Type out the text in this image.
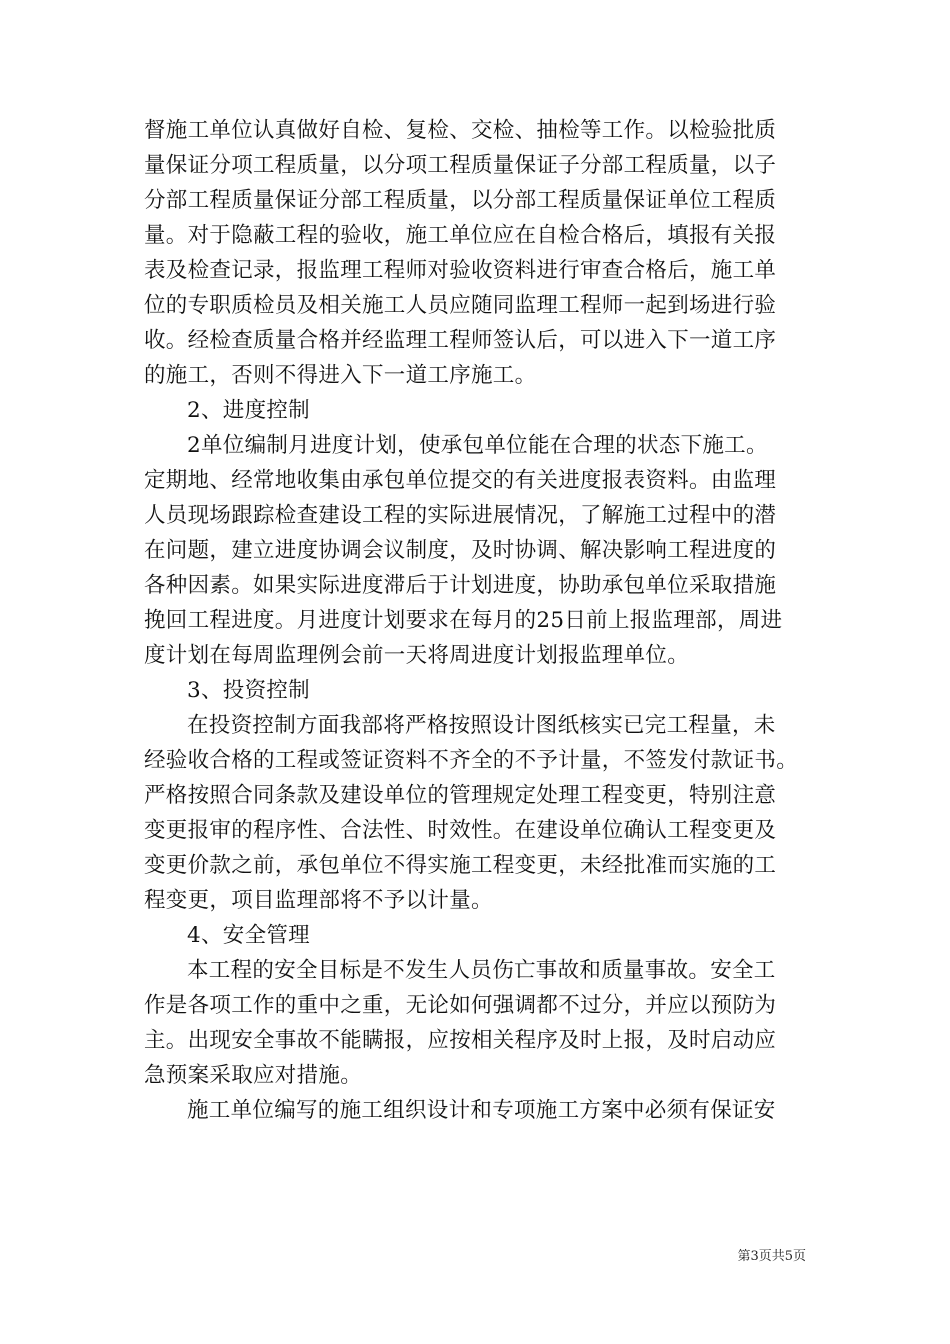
督施工单位认真做好自检、复检、交检、抽检等工作。以检验批质
量保证分项工程质量，以分项工程质量保证子分部工程质量，以子
分部工程质量保证分部工程质量，以分部工程质量保证单位工程质
量。对于隐蔽工程的验收，施工单位应在自检合格后，填报有关报
表及检查记录，报监理工程师对验收资料进行审查合格后，施工单
位的专职质检员及相关施工人员应随同监理工程师一起到场进行验
收。经检查质量合格并经监理工程师签认后，可以进入下一道工序
的施工，否则不得进入下一道工序施工。
2、进度控制
2单位编制月进度计划，使承包单位能在合理的状态下施工。
定期地、经常地收集由承包单位提交的有关进度报表资料。由监理
人员现场跟踪检查建设工程的实际进展情况，了解施工过程中的潜
在问题，建立进度协调会议制度，及时协调、解决影响工程进度的
各种因素。如果实际进度滞后于计划进度，协助承包单位采取措施
挽回工程进度。月进度计划要求在每月的25日前上报监理部，周进
度计划在每周监理例会前一天将周进度计划报监理单位。
3、投资控制
在投资控制方面我部将严格按照设计图纸核实已完工程量，未
经验收合格的工程或签证资料不齐全的不予计量，不签发付款证书。
严格按照合同条款及建设单位的管理规定处理工程变更，特别注意
变更报审的程序性、合法性、时效性。在建设单位确认工程变更及
变更价款之前，承包单位不得实施工程变更，未经批准而实施的工
程变更，项目监理部将不予以计量。
4、安全管理
本工程的安全目标是不发生人员伤亡事故和质量事故。安全工
作是各项工作的重中之重，无论如何强调都不过分，并应以预防为
主。出现安全事故不能瞒报，应按相关程序及时上报，及时启动应
急预案采取应对措施。
施工单位编写的施工组织设计和专项施工方案中必须有保证安
第3页共5页
